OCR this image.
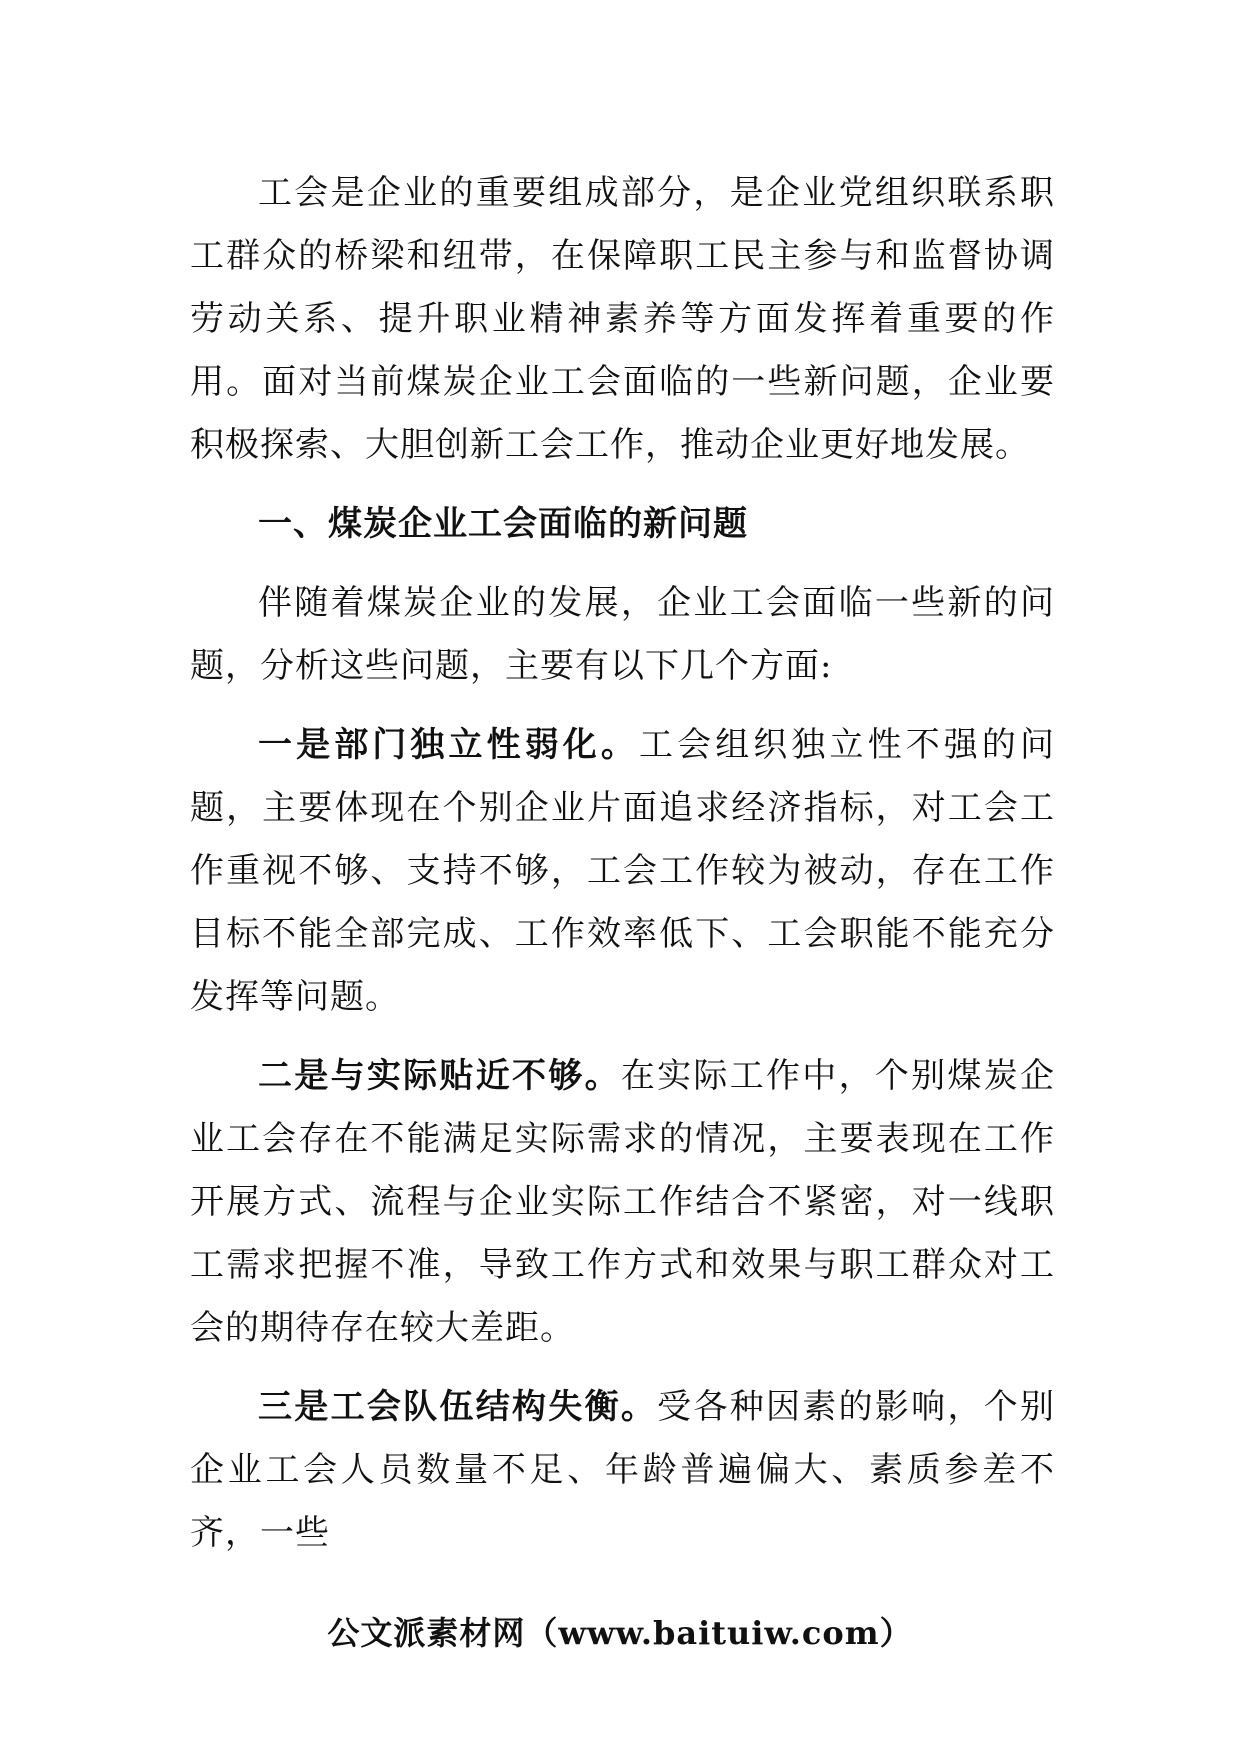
工会是企业的重要组成部分，是企业党组织联系职工群众的桥梁和纽带，在保障职工民主参与和监督协调劳动关系、提升职业精神素养等方面发挥着重要的作用。面对当前煤炭企业工会面临的一些新问题，企业要积极探索、大胆创新工会工作，推动企业更好地发展。

一、煤炭企业工会面临的新问题

伴随着煤炭企业的发展，企业工会面临一些新的问题，分析这些问题，主要有以下几个方面:

一是部门独立性弱化。工会组织独立性不强的问题，主要体现在个别企业片面追求经济指标，对工会工作重视不够、支持不够，工会工作较为被动，存在工作目标不能全部完成、工作效率低下、工会职能不能充分发挥等问题。

二是与实际贴近不够。在实际工作中，个别煤炭企业工会存在不能满足实际需求的情况，主要表现在工作开展方式、流程与企业实际工作结合不紧密，对一线职工需求把握不准，导致工作方式和效果与职工群众对工会的期待存在较大差距。

三是工会队伍结构失衡。受各种因素的影响，个别企业工会人员数量不足、年龄普遍偏大、素质参差不齐，一些

公文派素材网（www.baituiw.com）
